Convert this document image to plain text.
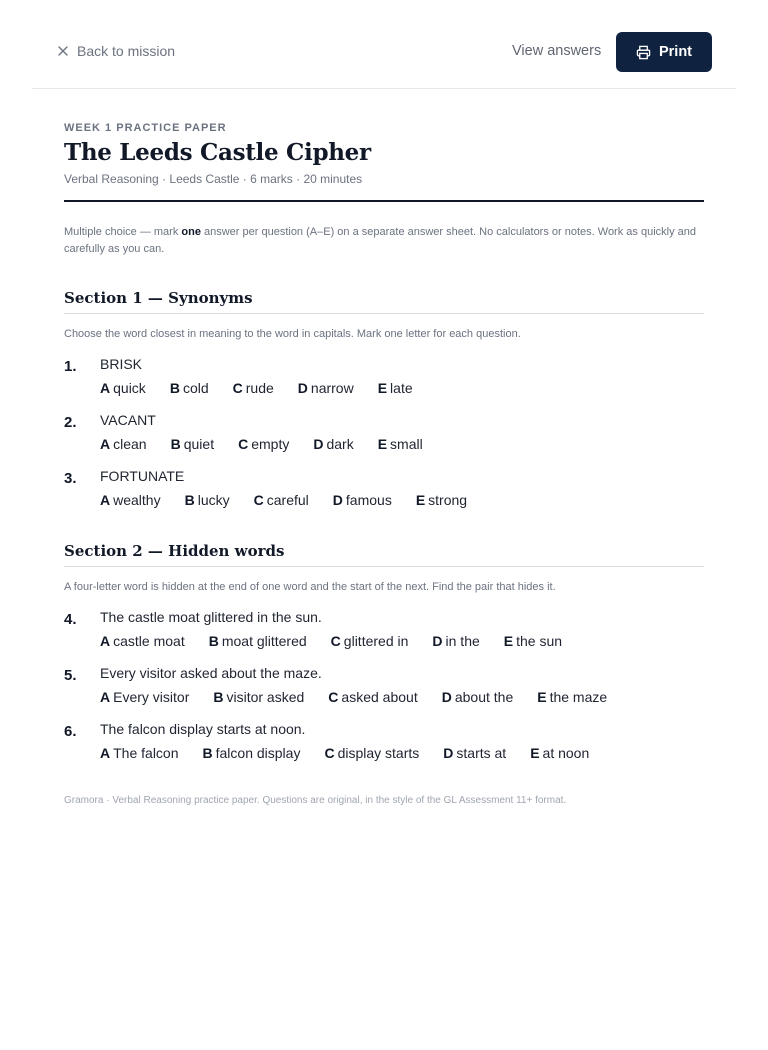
Back to mission	View answers	Print
WEEK 1 PRACTICE PAPER
The Leeds Castle Cipher
Verbal Reasoning · Leeds Castle · 6 marks · 20 minutes
Multiple choice — mark one answer per question (A–E) on a separate answer sheet. No calculators or notes. Work as quickly and carefully as you can.
Section 1 — Synonyms
Choose the word closest in meaning to the word in capitals. Mark one letter for each question.
1. BRISK
A quick B cold C rude D narrow E late
2. VACANT
A clean B quiet C empty D dark E small
3. FORTUNATE
A wealthy B lucky C careful D famous E strong
Section 2 — Hidden words
A four-letter word is hidden at the end of one word and the start of the next. Find the pair that hides it.
4. The castle moat glittered in the sun.
A castle moat B moat glittered C glittered in D in the E the sun
5. Every visitor asked about the maze.
A Every visitor B visitor asked C asked about D about the E the maze
6. The falcon display starts at noon.
A The falcon B falcon display C display starts D starts at E at noon
Gramora · Verbal Reasoning practice paper. Questions are original, in the style of the GL Assessment 11+ format.
